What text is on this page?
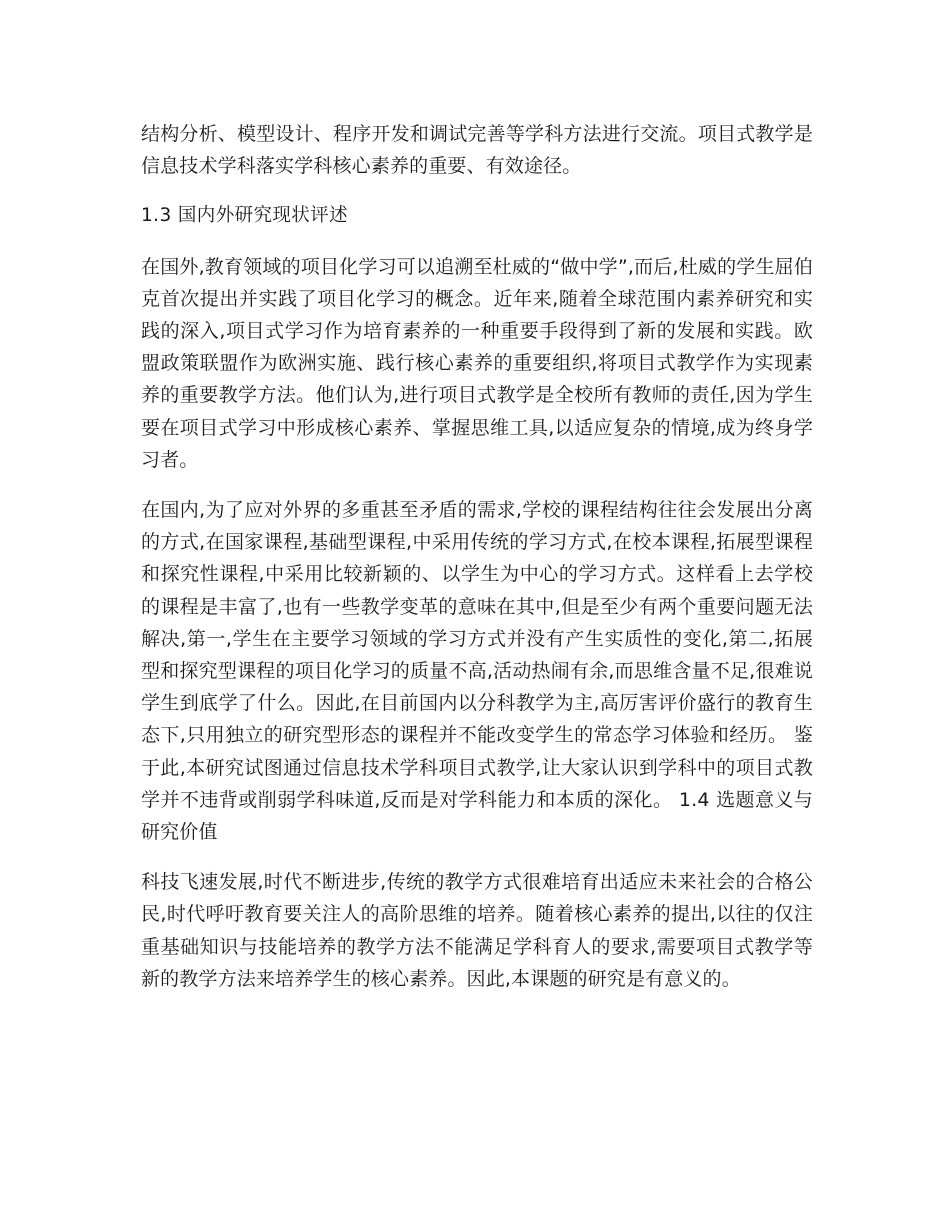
结构分析、模型设计、程序开发和调试完善等学科方法进行交流。项目式教学是信息技术学科落实学科核心素养的重要、有效途径。

1.3 国内外研究现状评述

在国外,教育领域的项目化学习可以追溯至杜威的“做中学”,而后,杜威的学生屈伯克首次提出并实践了项目化学习的概念。近年来,随着全球范围内素养研究和实践的深入,项目式学习作为培育素养的一种重要手段得到了新的发展和实践。欧盟政策联盟作为欧洲实施、践行核心素养的重要组织,将项目式教学作为实现素养的重要教学方法。他们认为,进行项目式教学是全校所有教师的责任,因为学生要在项目式学习中形成核心素养、掌握思维工具,以适应复杂的情境,成为终身学习者。

在国内,为了应对外界的多重甚至矛盾的需求,学校的课程结构往往会发展出分离的方式,在国家课程,基础型课程,中采用传统的学习方式,在校本课程,拓展型课程和探究性课程,中采用比较新颖的、以学生为中心的学习方式。这样看上去学校的课程是丰富了,也有一些教学变革的意味在其中,但是至少有两个重要问题无法解决,第一,学生在主要学习领域的学习方式并没有产生实质性的变化,第二,拓展型和探究型课程的项目化学习的质量不高,活动热闹有余,而思维含量不足,很难说学生到底学了什么。因此,在目前国内以分科教学为主,高厉害评价盛行的教育生态下,只用独立的研究型形态的课程并不能改变学生的常态学习体验和经历。 鉴于此,本研究试图通过信息技术学科项目式教学,让大家认识到学科中的项目式教学并不违背或削弱学科味道,反而是对学科能力和本质的深化。 1.4 选题意义与研究价值

科技飞速发展,时代不断进步,传统的教学方式很难培育出适应未来社会的合格公民,时代呼吁教育要关注人的高阶思维的培养。随着核心素养的提出,以往的仅注重基础知识与技能培养的教学方法不能满足学科育人的要求,需要项目式教学等新的教学方法来培养学生的核心素养。因此,本课题的研究是有意义的。
